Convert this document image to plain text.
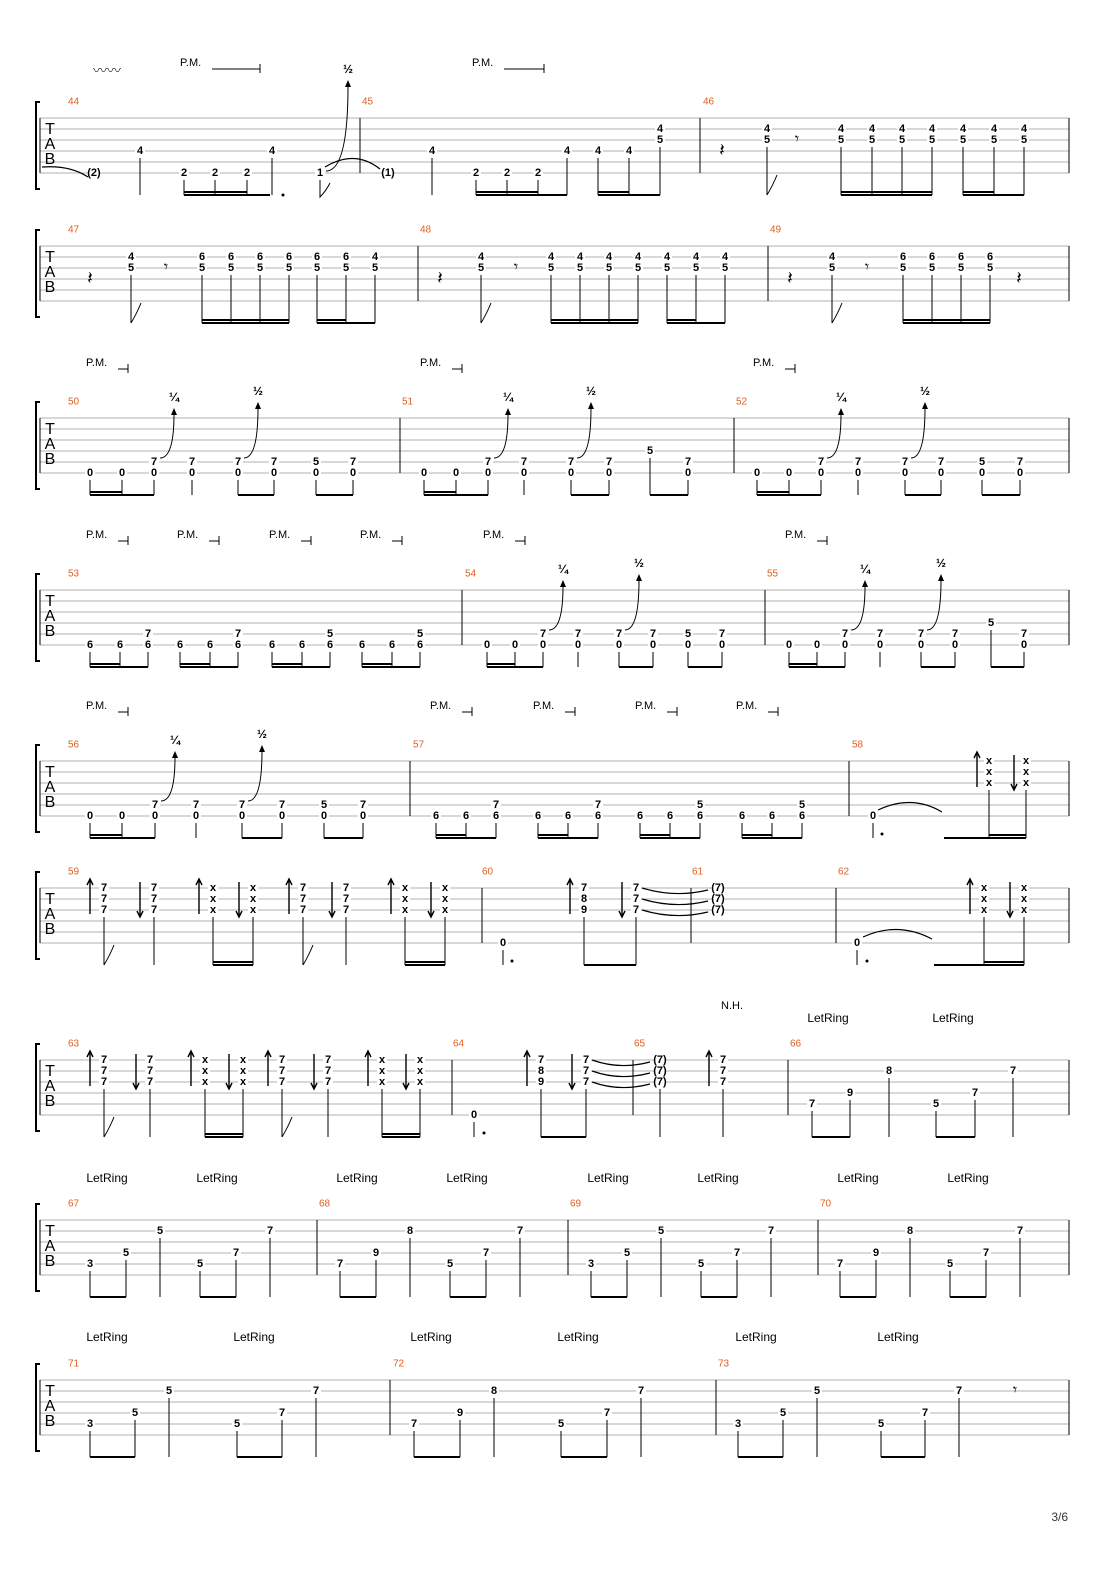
T
A
B
44	45	46
T
A
B
47	48	49
T
A
B
50	51	52
T
A
B
53	54	55
T
A
B
56	57	58
T
A
B
59	60	61	62
T
A
B
63	64	65	66
T
A
B
67	68	69	70
T
A
B
71	72	73
〰〰	P.M.	P.M.
(2)
4
2 2 2
4
1
½
(1)
4
2 2 2
4 4 4
4
5	𝄽
4
5 𝄾
4
5
4
5
4
5
4
5
4
5
4
5
4
5
𝄽
4
5 𝄾
6
5
6
5
6
5
6
5
6
5
6
5
4
5	𝄽
4
5 𝄾
4
5
4
5
4
5
4
5
4
5
4
5
4
5	𝄽
4
5 𝄾
6
5
6
5
6
5
6
5 𝄽
P.M.	P.M.	P.M.
0 0
7
0
¼
7
0
7
0
½
7
0
5
0
7
0	0 0
7
0
¼
7
0
7
0
½
7
0
5
7
0	0 0
7
0
¼
7
0
7
0
½
7
0
5
0
7
0
P.M.	P.M.	P.M.	P.M.	P.M.	P.M.
6 6
7
6 6 6
7
6	6 6
5
6 6 6
5
6	0 0
7
0
¼
7
0
7
0
½
7
0
5
0
7
0	0 0
7
0
¼
7
0
7
0
½
7
0
5
7
0
P.M.	P.M.	P.M.	P.M.	P.M.
0 0
7
0
¼
7
0
7
0
½
7
0
5
0
7
0	6 6
7
6	6 6
7
6	6 6
5
6	6 6
5
6	0
x
x
x
x
x
x
7
7
7
7
7
7
x
x
x
x
x
x
7
7
7
7
7
7
x
x
x
x
x
x
0
7
8
9
7
7
7
(7)
(7)
(7)
0
x
x
x
x
x
x
7
7
7
7
7
7
x
x
x
x
x
x
7
7
7
7
7
7
x
x
x
x
x
x
0
7
8
9
7
7
7
(7)
(7)
(7)
7
7
7
N.H.
LetRing	LetRing
7
9
8
5
7
7
LetRing	LetRing	LetRing	LetRing	LetRing	LetRing	LetRing	LetRing
3
5
5
5
7
7
7
9
8
5
7
7
3
5
5
5
7
7
7
9
8
5
7
7
LetRing	LetRing	LetRing	LetRing	LetRing	LetRing
3
5
5
5
7
7
7
9
8
5
7
7
3
5
5
5
7
7	𝄾
3/6
